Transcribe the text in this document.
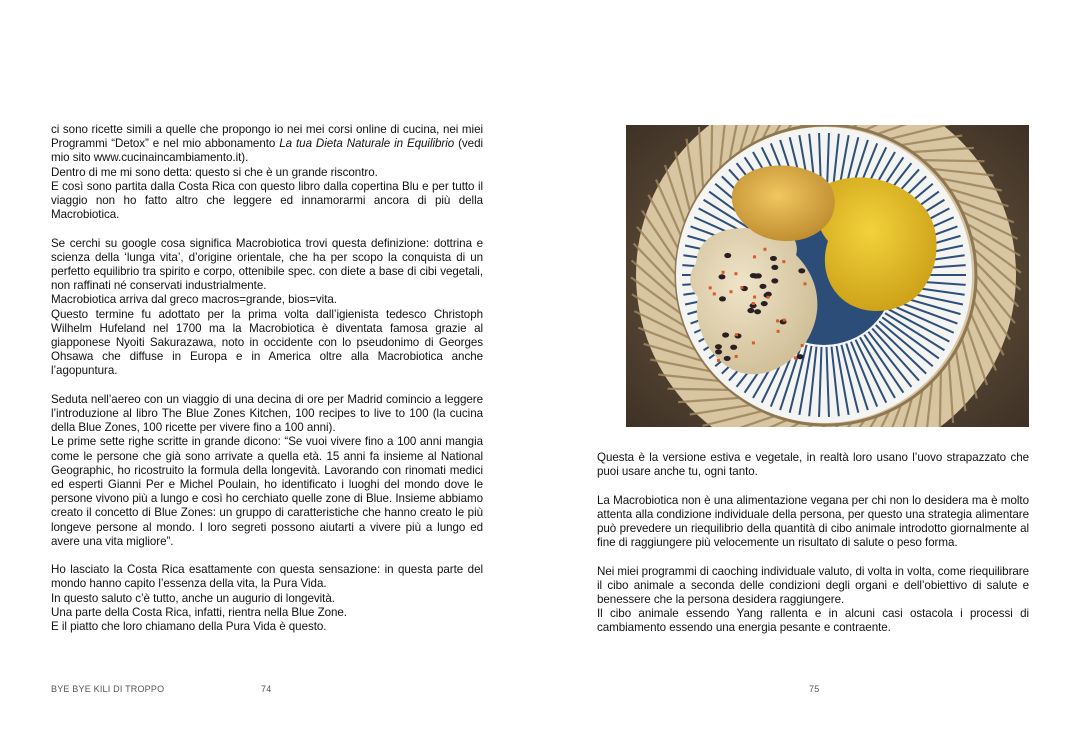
ci sono ricette simili a quelle che propongo io nei mei corsi online di cucina, nei miei Programmi “Detox” e nel mio abbonamento La tua Dieta Naturale in Equilibrio (vedi mio sito www.cucinaincambiamento.it).

Dentro di me mi sono detta: questo si che è un grande riscontro.

E così sono partita dalla Costa Rica con questo libro dalla copertina Blu e per tutto il viaggio non ho fatto altro che leggere ed innamorarmi ancora di più della Macrobiotica.

Se cerchi su google cosa significa Macrobiotica trovi questa definizione: dottrina e scienza della ‘lunga vita’, d’origine orientale, che ha per scopo la conquista di un perfetto equilibrio tra spirito e corpo, ottenibile spec. con diete a base di cibi vegetali, non raffinati né conservati industrialmente.

Macrobiotica arriva dal greco macros=grande, bios=vita.

Questo termine fu adottato per la prima volta dall’igienista tedesco Christoph Wilhelm Hufeland nel 1700 ma la Macrobiotica è diventata famosa grazie al giapponese Nyoiti Sakurazawa, noto in occidente con lo pseudonimo di Georges Ohsawa che diffuse in Europa e in America oltre alla Macrobiotica anche l’agopuntura.

Seduta nell’aereo con un viaggio di una decina di ore per Madrid comincio a leggere l’introduzione al libro The Blue Zones Kitchen, 100 recipes to live to 100 (la cucina della Blue Zones, 100 ricette per vivere fino a 100 anni).

Le prime sette righe scritte in grande dicono: “Se vuoi vivere fino a 100 anni mangia come le persone che già sono arrivate a quella età. 15 anni fa insieme al National Geographic, ho ricostruito la formula della longevità. Lavorando con rinomati medici ed esperti Gianni Per e Michel Poulain, ho identificato i luoghi del mondo dove le persone vivono più a lungo e così ho cerchiato quelle zone di Blue. Insieme abbiamo creato il concetto di Blue Zones: un gruppo di caratteristiche che hanno creato le più longeve persone al mondo. I loro segreti possono aiutarti a vivere più a lungo ed avere una vita migliore”.

Ho lasciato la Costa Rica esattamente con questa sensazione: in questa parte del mondo hanno capito l’essenza della vita, la Pura Vida.

In questo saluto c’è tutto, anche un augurio di longevità.

Una parte della Costa Rica, infatti, rientra nella Blue Zone.

E il piatto che loro chiamano della Pura Vida è questo.

BYE BYE KILI DI TROPPO	74

Questa è la versione estiva e vegetale, in realtà loro usano l’uovo strapazzato che puoi usare anche tu, ogni tanto.

La Macrobiotica non è una alimentazione vegana per chi non lo desidera ma è molto attenta alla condizione individuale della persona, per questo una strategia alimentare può prevedere un riequilibrio della quantità di cibo animale introdotto giornalmente al fine di raggiungere più velocemente un risultato di salute o peso forma.

Nei miei programmi di caoching individuale valuto, di volta in volta, come riequilibrare il cibo animale a seconda delle condizioni degli organi e dell’obiettivo di salute e benessere che la persona desidera raggiungere.

Il cibo animale essendo Yang rallenta e in alcuni casi ostacola i processi di cambiamento essendo una energia pesante e contraente.

75
